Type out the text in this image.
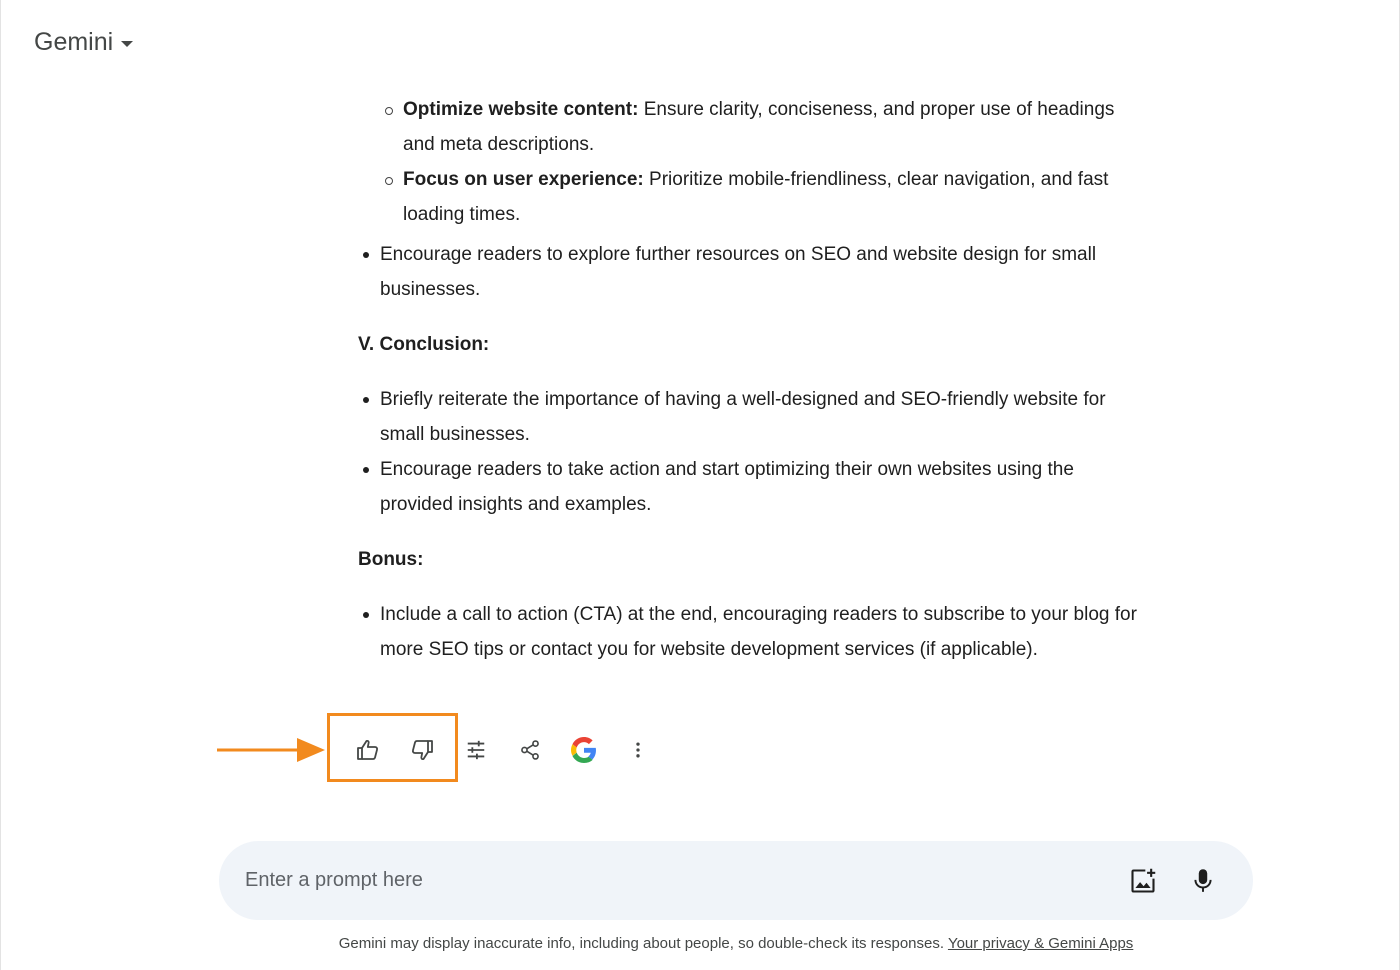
Gemini
Optimize website content: Ensure clarity, conciseness, and proper use of headings and meta descriptions.
Focus on user experience: Prioritize mobile-friendliness, clear navigation, and fast loading times.
Encourage readers to explore further resources on SEO and website design for small businesses.
V. Conclusion:
Briefly reiterate the importance of having a well-designed and SEO-friendly website for small businesses.
Encourage readers to take action and start optimizing their own websites using the provided insights and examples.
Bonus:
Include a call to action (CTA) at the end, encouraging readers to subscribe to your blog for more SEO tips or contact you for website development services (if applicable).
Enter a prompt here
Gemini may display inaccurate info, including about people, so double-check its responses. Your privacy & Gemini Apps
